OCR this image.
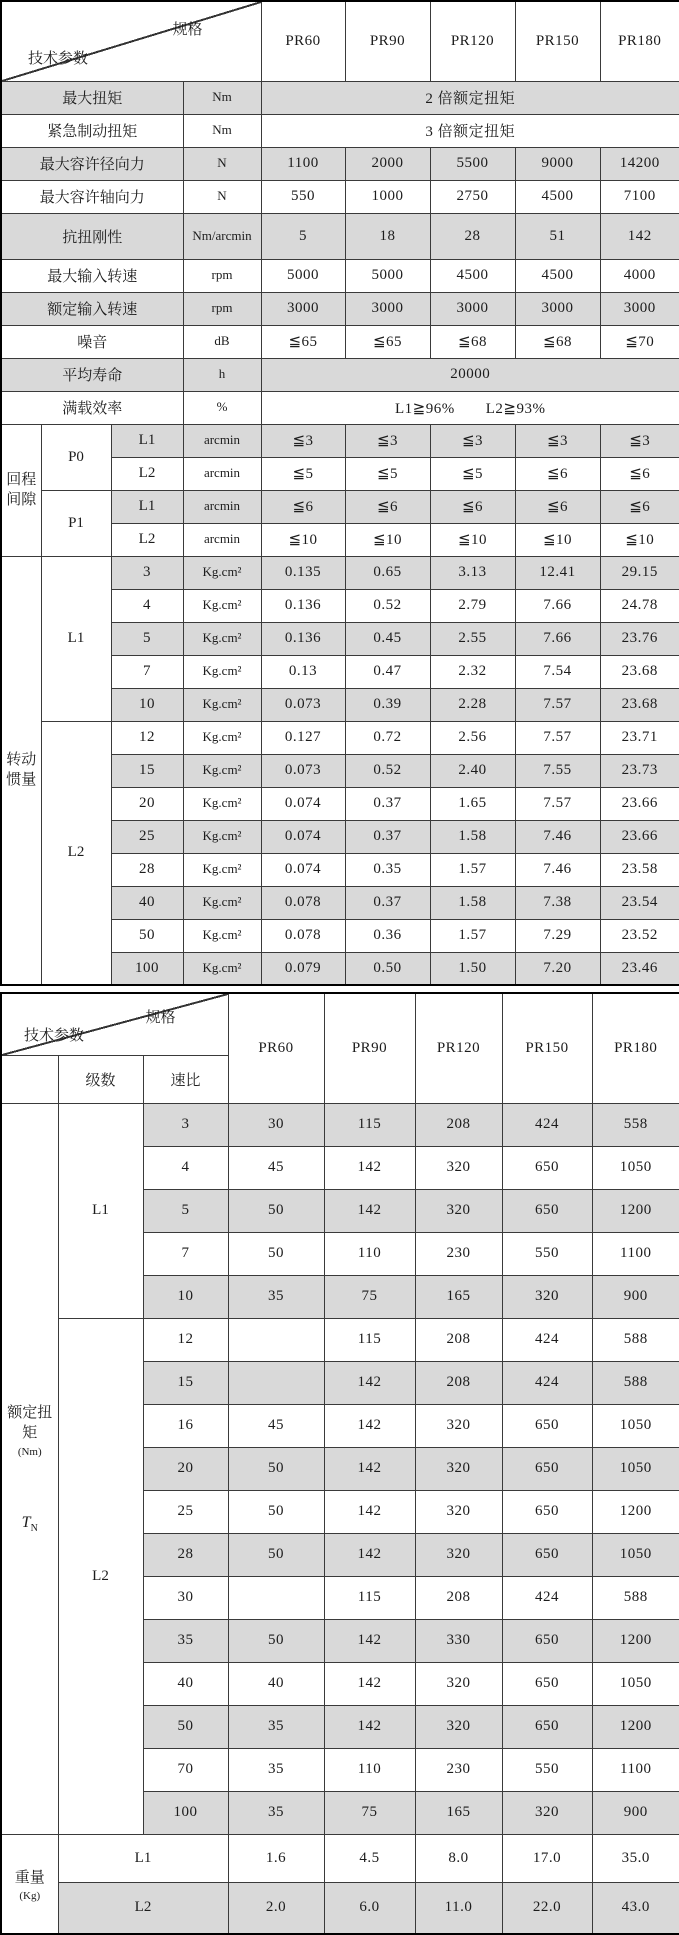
规格
技术参数				PR60	PR90	PR120	PR150	PR180
最大扭矩			Nm	2 倍额定扭矩				
紧急制动扭矩			Nm	3 倍额定扭矩				
最大容许径向力			N	1100	2000	5500	9000	14200
最大容许轴向力			N	550	1000	2750	4500	7100
抗扭刚性			Nm/arcmin	5	18	28	51	142
最大输入转速			rpm	5000	5000	4500	4500	4000
额定输入转速			rpm	3000	3000	3000	3000	3000
噪音			dB	≦65	≦65	≦68	≦68	≦70
平均寿命			h	20000				
满载效率			%	L1≧96%　　L2≧93%				
回程间隙	P0	L1	arcmin	≦3	≦3	≦3	≦3	≦3
		L2	arcmin	≦5	≦5	≦5	≦6	≦6
	P1	L1	arcmin	≦6	≦6	≦6	≦6	≦6
		L2	arcmin	≦10	≦10	≦10	≦10	≦10
转动惯量	L1	3	Kg.cm²	0.135	0.65	3.13	12.41	29.15
		4	Kg.cm²	0.136	0.52	2.79	7.66	24.78
		5	Kg.cm²	0.136	0.45	2.55	7.66	23.76
		7	Kg.cm²	0.13	0.47	2.32	7.54	23.68
		10	Kg.cm²	0.073	0.39	2.28	7.57	23.68
	L2	12	Kg.cm²	0.127	0.72	2.56	7.57	23.71
		15	Kg.cm²	0.073	0.52	2.40	7.55	23.73
		20	Kg.cm²	0.074	0.37	1.65	7.57	23.66
		25	Kg.cm²	0.074	0.37	1.58	7.46	23.66
		28	Kg.cm²	0.074	0.35	1.57	7.46	23.58
		40	Kg.cm²	0.078	0.37	1.58	7.38	23.54
		50	Kg.cm²	0.078	0.36	1.57	7.29	23.52
		100	Kg.cm²	0.079	0.50	1.50	7.20	23.46
规格
技术参数			PR60	PR90	PR120	PR150	PR180
	级数	速比					

额定扭矩
(Nm)
$T_N$	L1	3	30	115	208	424	558
		4	45	142	320	650	1050
		5	50	142	320	650	1200
		7	50	110	230	550	1100
		10	35	75	165	320	900
	L2	12		115	208	424	588
		15		142	208	424	588
		16	45	142	320	650	1050
		20	50	142	320	650	1050
		25	50	142	320	650	1200
		28	50	142	320	650	1050
		30		115	208	424	588
		35	50	142	330	650	1200
		40	40	142	320	650	1050
		50	35	142	320	650	1200
		70	35	110	230	550	1100
		100	35	75	165	320	900

重量
(Kg)	L1		1.6	4.5	8.0	17.0	35.0
	L2		2.0	6.0	11.0	22.0	43.0
